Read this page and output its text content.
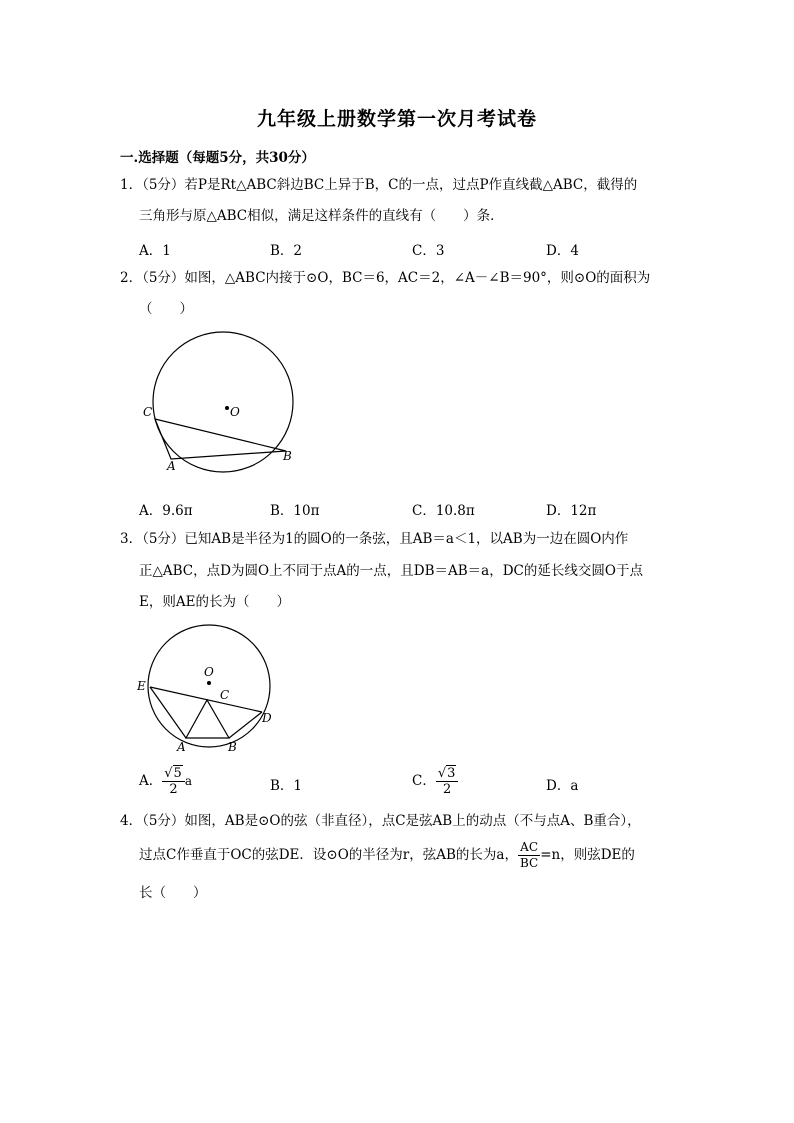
九年级上册数学第一次月考试卷
一.选择题（每题5分，共30分）
1．（5分）若P是Rt△ABC斜边BC上异于B，C的一点，过点P作直线截△ABC，截得的
三角形与原△ABC相似，满足这样条件的直线有（　　）条．
A．1	B．2	C．3	D．4
2．（5分）如图，△ABC内接于⊙O，BC＝6，AC＝2，∠A－∠B＝90°，则⊙O的面积为
（　　）
C	O
A
B
A．9.6π	B．10π	C．10.8π	D．12π
3．（5分）已知AB是半径为1的圆O的一条弦，且AB＝a＜1，以AB为一边在圆O内作
正△ABC，点D为圆O上不同于点A的一点，且DB＝AB＝a，DC的延长线交圆O于点
E，则AE的长为（　　）
O
E
C
D
A	B
A． $\frac{√5}{2}$ a	B．1	C． $\frac{√3}{2}$	D．a
4．（5分）如图，AB是⊙O的弦（非直径），点C是弦AB上的动点（不与点A、B重合），
过点C作垂直于OC的弦DE．设⊙O的半径为r，弦AB的长为a， $\frac{AC}{BC} =n$，则弦DE的
长（　　）
